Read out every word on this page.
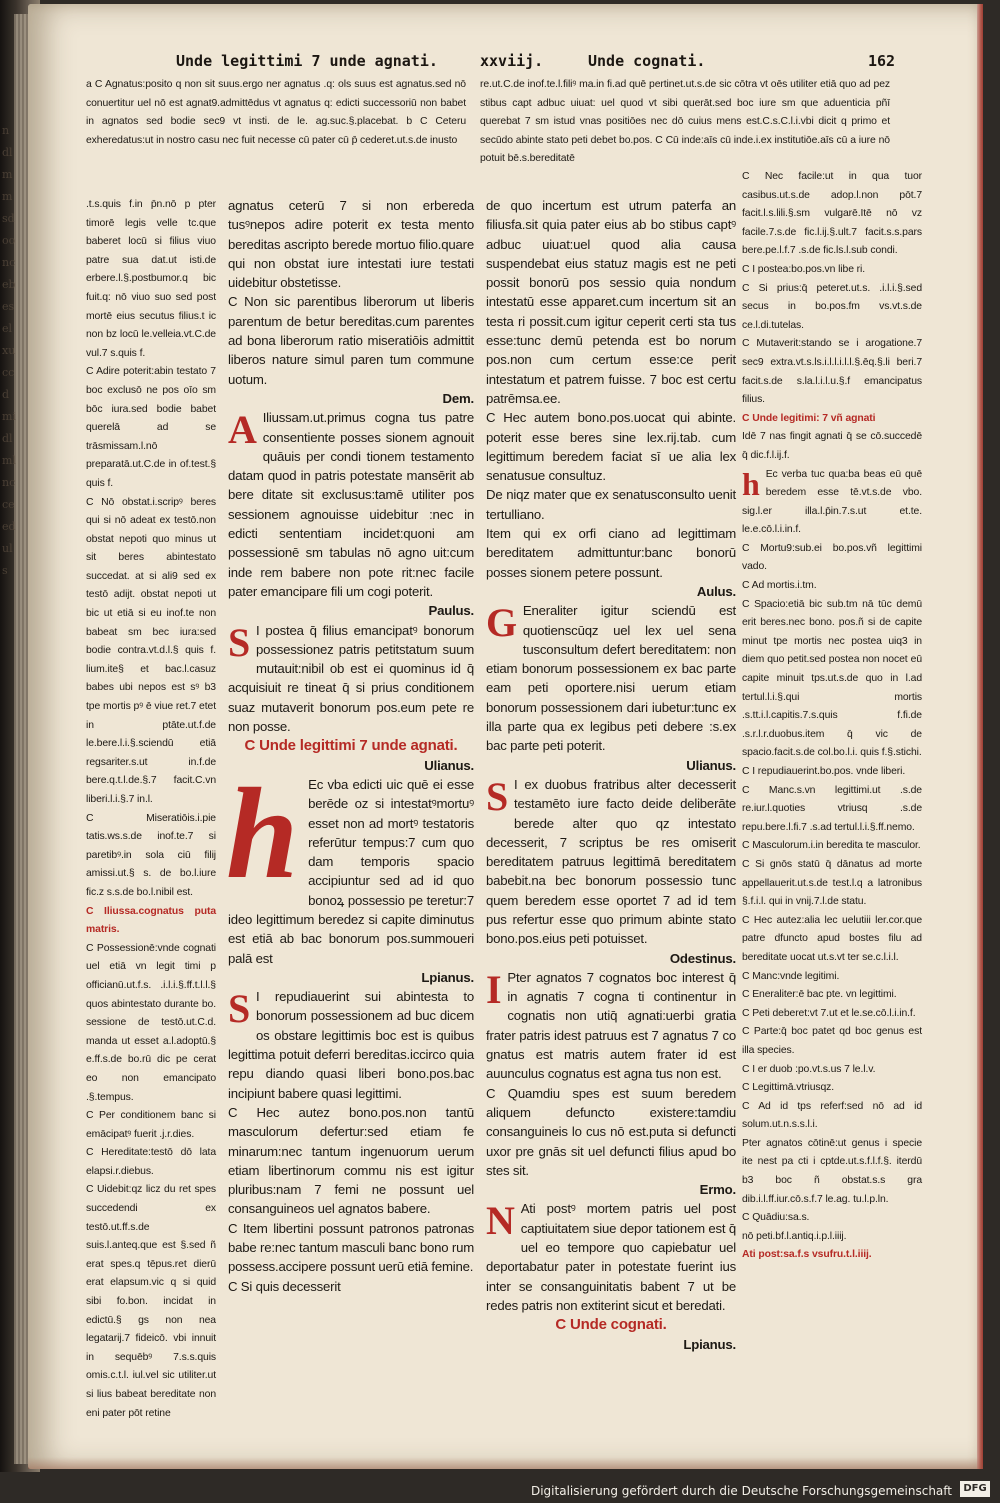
ndlmmsdooncebeselxuccdmidlmlncceeduls
Unde legittimi 7 unde agnati.	xxviij.	Unde cognati.	162

a C Agnatus:posito q non sit suus.ergo ner agnatus .q: ols suus est agnatus.sed nō conuertitur uel nō est agnat9.admittēdus vt agnatus q: edicti successoriū non babet in agnatos sed bodie sec9 vt insti. de le. ag.suc.§.placebat. b C Ceteru exheredatus:ut in nostro casu nec fuit necesse cū pater cū p̄ cederet.ut.s.de inusto

re.ut.C.de inof.te.l.filiꝰ ma.in fi.ad quē pertinet.ut.s.de sic cōtra vt oēs utiliter etiā quo ad pez stibus capt adbuc uiuat: uel quod vt sibi querāt.sed boc iure sm que aduenticia pñī querebat 7 sm istud vnas positiōes nec dō cuius mens est.C.s.C.l.i.vbi dicit q primo et secūdo abinte stato peti debet bo.pos. C Cū inde:aīs cū inde.i.ex institutiōe.aīs cū a iure nō potuit bē.s.bereditatē

.t.s.quis f.in p̄n.nō p pter timorē legis velle tc.que baberet locū si filius viuo patre sua dat.ut isti.de erbere.l.§.postbumor.q bic fuit.q: nō viuo suo sed post mortē eius secutus filius.t ic non bz locū le.velleia.vt.C.de vul.7 s.quis f.

C Adire poterit:abin testato 7 boc exclusō ne pos oīo sm bōc iura.sed bodie babet querelā ad se trāsmissam.l.nō preparatā.ut.C.de in of.test.§ quis f.

C Nō obstat.i.scripꝰ beres qui si nō adeat ex testō.non obstat nepoti quo minus ut sit beres abintestato succedat. at si ali9 sed ex testō adijt. obstat nepoti ut bic ut etiā si eu inof.te non babeat sm bec iura:sed bodie contra.vt.d.l.§ quis f. lium.ite§ et bac.l.casuz babes ubi nepos est sꝰ b3 tpe mortis pꝰ ē viue ret.7 etet in ptāte.ut.f.de le.bere.l.i.§.sciendū etiā regsariter.s.ut in.f.de bere.q.t.l.de.§.7 facit.C.vn liberi.l.i.§.7 in.l.

C Miseratiōis.i.pie tatis.ws.s.de inof.te.7 si paretibꝰ.in sola ciū filij amissi.ut.§ s. de bo.l.iure fic.z s.s.de bo.l.nibil est.

C Iliussa.cognatus puta matris.

C Possessionē:vnde cognati uel etiā vn legit timi p officianū.ut.f.s. .i.l.i.§.ff.t.l.l.§ quos abintestato durante bo. sessione de testō.ut.C.d. manda ut esset a.l.adoptū.§ e.ff.s.de bo.rū dic pe cerat eo non emancipato .§.tempus.

C Per conditionem banc si emācipatꝰ fuerit .j.r.dies.

C Hereditate:testō dō lata elapsi.r.diebus.

C Uidebit:qz licz du ret spes succedendi ex testō.ut.ff.s.de suis.l.anteq.que est §.sed ñ erat spes.q tēpus.ret dierū erat elapsum.vic q si quid sibi fo.bon. incidat in edictū.§ gs non nea legatarij.7 fideicō. vbi innuit in sequēbꝰ 7.s.s.quis omis.c.t.l. iul.vel sic utiliter.ut si lius babeat bereditate non eni pater pōt retine

agnatus ceterū 7 si non erbereda tusꝰnepos adire poterit ex testa mento bereditas ascripto berede mortuo filio.quare qui non obstat iure intestati iure testati uidebitur obstetisse.

C Non sic parentibus liberorum ut liberis parentum de betur bereditas.cum parentes ad bona liberorum ratio miseratiōis admittit liberos nature simul paren tum commune uotum.

Dem.

A Iliussam.ut.primus cogna tus patre consentiente posses sionem agnouit quāuis per condi tionem testamento datam quod in patris potestate mansērit ab bere ditate sit exclusus:tamē utiliter pos sessionem agnouisse uidebitur :nec in edicti sententiam incidet:quoni am possessionē sm tabulas nō agno uit:cum inde rem babere non pote rit:nec facile pater emancipare fili um cogi poterit.

Paulus.

S I postea q̄ filius emancipatꝰ bonorum possessionez patris petitstatum suum mutauit:nibil ob est ei quominus id q̄ acquisiuit re tineat q̄ si prius conditionem suaz mutaverit bonorum pos.eum pete re non posse.

C Unde legittimi 7 unde agnati.

Ulianus.

h Ec vba edicti uic quē ei esse berēde oz si intestatꝰmortuꝰ esset non ad mortꝰ testatoris referūtur tempus:7 cum quo dam temporis spacio accipiuntur sed ad id quo bonoꝝ possessio pe teretur:7 ideo legittimum beredez si capite diminutus est etiā ab bac bonorum pos.summoueri palā est

Lpianus.

S I repudiauerint sui abintesta to bonorum possessionem ad buc dicem os obstare legittimis boc est is quibus legittima potuit deferri bereditas.iccirco quia repu diando quasi liberi bono.pos.bac incipiunt babere quasi legittimi.

C Hec autez bono.pos.non tantū masculorum defertur:sed etiam fe minarum:nec tantum ingenuorum uerum etiam libertinorum commu nis est igitur pluribus:nam 7 femi ne possunt uel consanguineos uel agnatos babere.

C Item libertini possunt patronos patronas babe re:nec tantum masculi banc bono rum possess.accipere possunt uerū etiā femine.

C Si quis decesserit

de quo incertum est utrum paterfa an filiusfa.sit quia pater eius ab bo stibus captꝰ adbuc uiuat:uel quod alia causa suspendebat eius statuz magis est ne peti possit bonorū pos sessio quia nondum intestatū esse apparet.cum incertum sit an testa ri possit.cum igitur ceperit certi sta tus esse:tunc demū petenda est bo norum pos.non cum certum esse:ce perit intestatum et patrem fuisse. 7 boc est certu patrēmsa.ee.

C Hec autem bono.pos.uocat qui abinte. poterit esse beres sine lex.rij.tab. cum legittimum beredem faciat sī ue alia lex senatusue consultuz.

De niqz mater que ex senatusconsulto uenit tertulliano.

Item qui ex orfi ciano ad legittimam bereditatem admittuntur:banc bonorū posses sionem petere possunt.

Aulus.

G Eneraliter igitur sciendū est quotienscūqz uel lex uel sena tusconsultum defert bereditatem: non etiam bonorum possessionem ex bac parte eam peti oportere.nisi uerum etiam bonorum possessionem dari iubetur:tunc ex illa parte qua ex legibus peti debere :s.ex bac parte peti poterit.

Ulianus.

S I ex duobus fratribus alter decesserit testamēto iure facto deide deliberāte berede alter quo qz intestato decesserit, 7 scriptus be res omiserit bereditatem patruus legittimā bereditatem babebit.na bec bonorum possessio tunc quem beredem esse oportet 7 ad id tem pus refertur esse quo primum abinte stato bono.pos.eius peti potuisset.

Odestinus.

I Pter agnatos 7 cognatos boc interest q̄ in agnatis 7 cogna ti continentur in cognatis non utiq̄ agnati:uerbi gratia frater patris idest patruus est 7 agnatus 7 co gnatus est matris autem frater id est auunculus cognatus est agna tus non est.

C Quamdiu spes est suum beredem aliquem defuncto existere:tamdiu consanguineis lo cus nō est.puta si defuncti uxor pre gnās sit uel defuncti filius apud bo stes sit.

Ermo.

N Ati postꝰ mortem patris uel post captiuitatem siue depor tationem est q̄ uel eo tempore quo capiebatur uel deportabatur pater in potestate fuerint ius inter se consanguinitatis babent 7 ut be redes patris non extiterint sicut et beredati.

C Unde cognati.

Lpianus.

C Nec facile:ut in qua tuor casibus.ut.s.de adop.l.non pōt.7 facit.l.s.lili.§.sm vulgarē.Itē nō vz facile.7.s.de fic.l.ij.§.ult.7 facit.s.s.pars bere.pe.l.f.7 .s.de fic.ls.l.sub condi.

C I postea:bo.pos.vn libe ri.

C Si prius:q̄ peteret.ut.s. .i.l.i.§.sed secus in bo.pos.fm vs.vt.s.de ce.l.di.tutelas.

C Mutaverit:stando se i arogatione.7 sec9 extra.vt.s.ls.i.l.l.i.l.l.§.ēq.§.li beri.7 facit.s.de s.la.l.i.l.u.§.f emancipatus filius.

C Unde legitimi: 7 vñ agnati

Idē 7 nas fingit agnati q̄ se cō.succedē q̄ dic.f.l.ij.f.

h Ec verba tuc qua:ba beas eū quē beredem esse tē.vt.s.de vbo. sig.l.er illa.l.p̄in.7.s.ut et.te. le.e.cō.l.i.in.f.

C Mortu9:sub.ei bo.pos.vñ legittimi vado.

C Ad mortis.i.tm.

C Spacio:etiā bic sub.tm nā tūc demū erit beres.nec bono. pos.ñ si de capite minut tpe mortis nec postea uiq3 in diem quo petit.sed postea non nocet eū capite minuit tps.ut.s.de quo in l.ad tertul.l.i.§.qui mortis .s.tt.i.l.capitis.7.s.quis f.fi.de .s.r.l.r.duobus.item q̄ vic de spacio.facit.s.de col.bo.l.i. quis f.§.stichi.

C I repudiauerint.bo.pos. vnde liberi.

C Manc.s.vn legittimi.ut .s.de re.iur.l.quoties vtriusq .s.de repu.bere.l.fi.7 .s.ad tertul.l.i.§.ff.nemo.

C Masculorum.i.in beredita te masculor.

C Si gnōs statū q̄ dānatus ad morte appellauerit.ut.s.de test.l.q a latronibus §.f.i.l. qui in vnij.7.l.de statu.

C Hec autez:alia lec uelutiii ler.cor.que patre dfuncto apud bostes filu ad bereditate uocat ut.s.vt ter se.c.l.i.l.

C Manc:vnde legitimi.

C Eneraliter:ē bac pte. vn legittimi.

C Peti deberet:vt 7.ut et le.se.cō.l.i.in.f.

C Parte:q̄ boc patet qd boc genus est illa species.

C I er duob :po.vt.s.us 7 le.l.v.

C Legittimā.vtriusqz.

C Ad id tps referf:sed nō ad id solum.ut.n.s.s.l.i.

Pter agnatos cōtinē:ut genus i specie ite nest pa cti i cptde.ut.s.f.l.f.§. iterdū b3 boc ñ obstat.s.s gra dib.i.l.ff.iur.cō.s.f.7 le.ag. tu.l.p.ln.

C Quādiu:sa.s.

nō peti.bf.l.antiq.i.p.l.iiij.

Ati post:sa.f.s vsufru.t.l.iiij.

Digitalisierung gefördert durch die Deutsche Forschungsgemeinschaft	DFG
